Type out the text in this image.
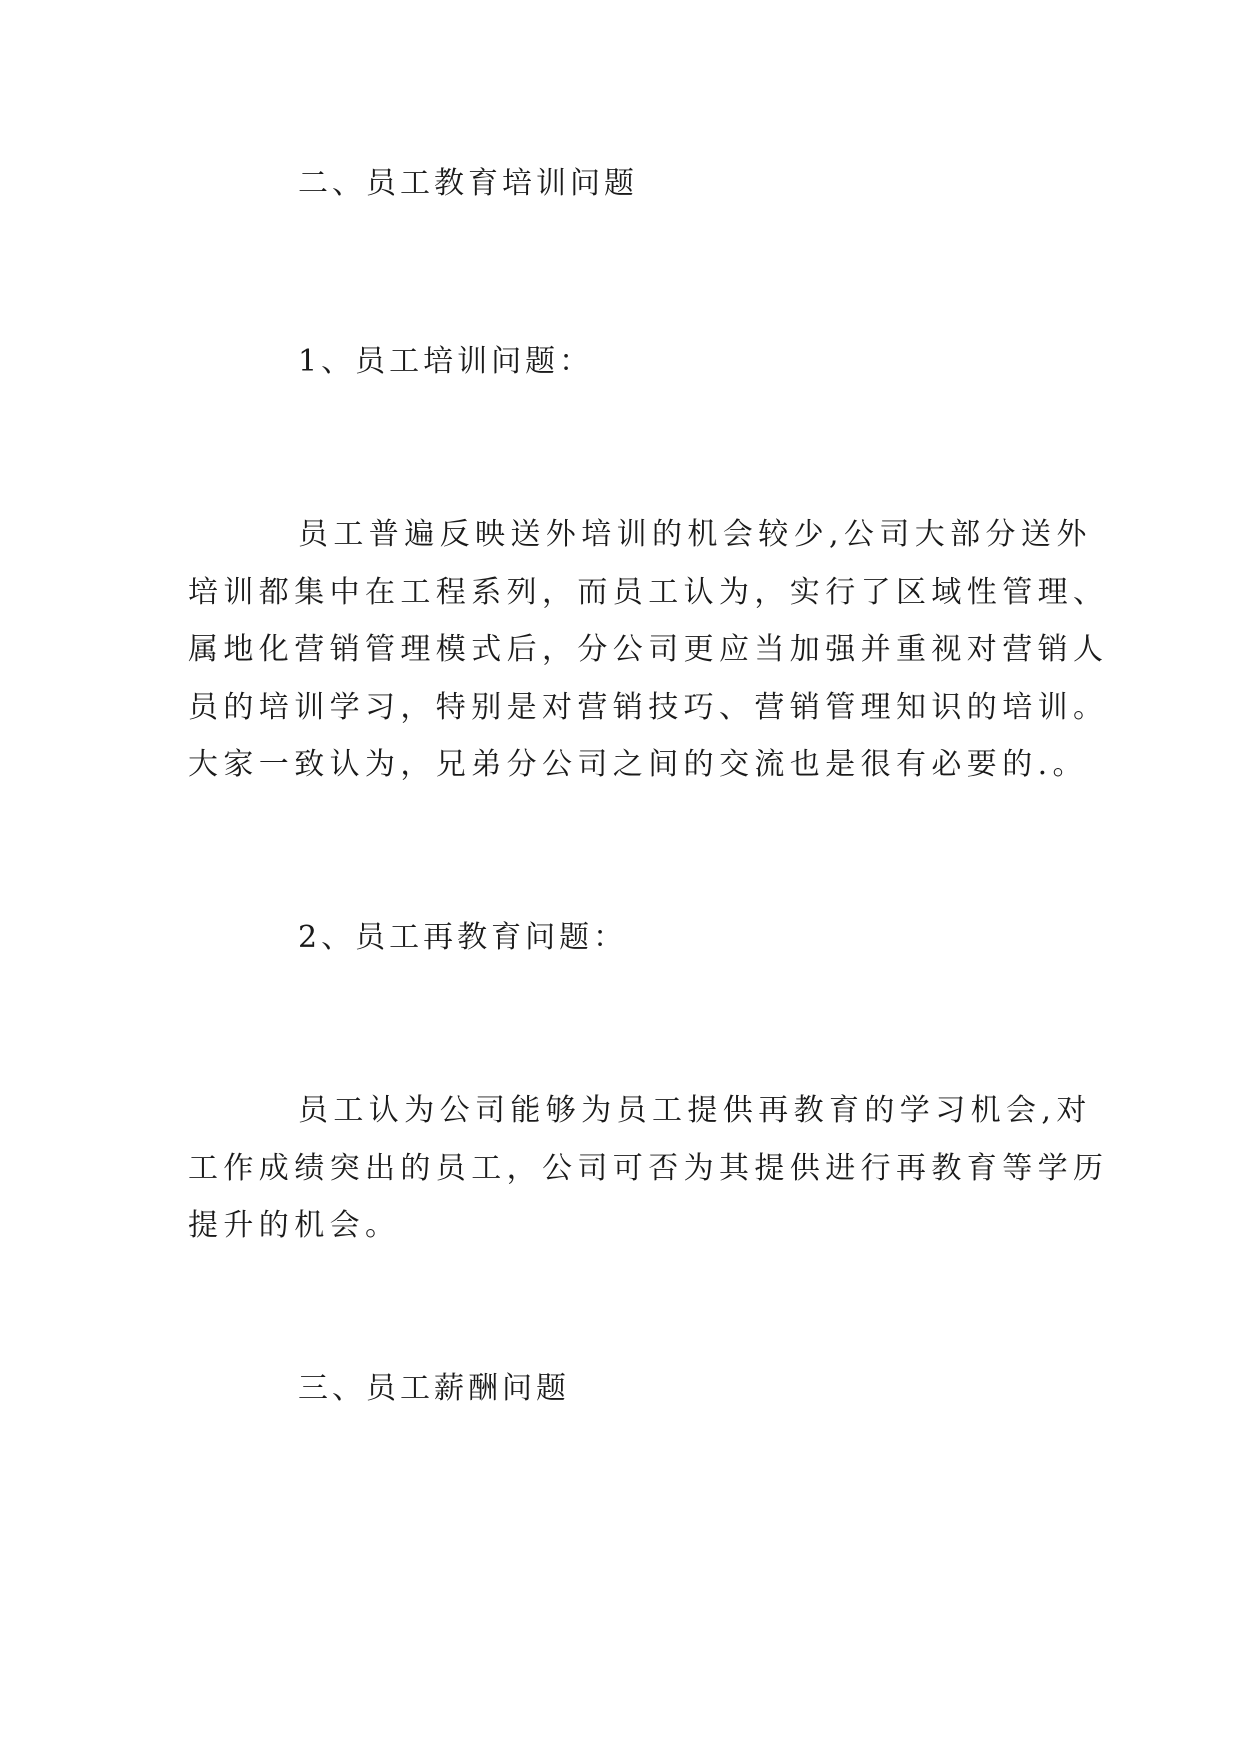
二、员工教育培训问题
1、员工培训问题：
员工普遍反映送外培训的机会较少,公司大部分送外
培训都集中在工程系列，而员工认为，实行了区域性管理、
属地化营销管理模式后，分公司更应当加强并重视对营销人
员的培训学习，特别是对营销技巧、营销管理知识的培训。
大家一致认为，兄弟分公司之间的交流也是很有必要的.。
2、员工再教育问题：
员工认为公司能够为员工提供再教育的学习机会,对
工作成绩突出的员工，公司可否为其提供进行再教育等学历
提升的机会。
三、员工薪酬问题
